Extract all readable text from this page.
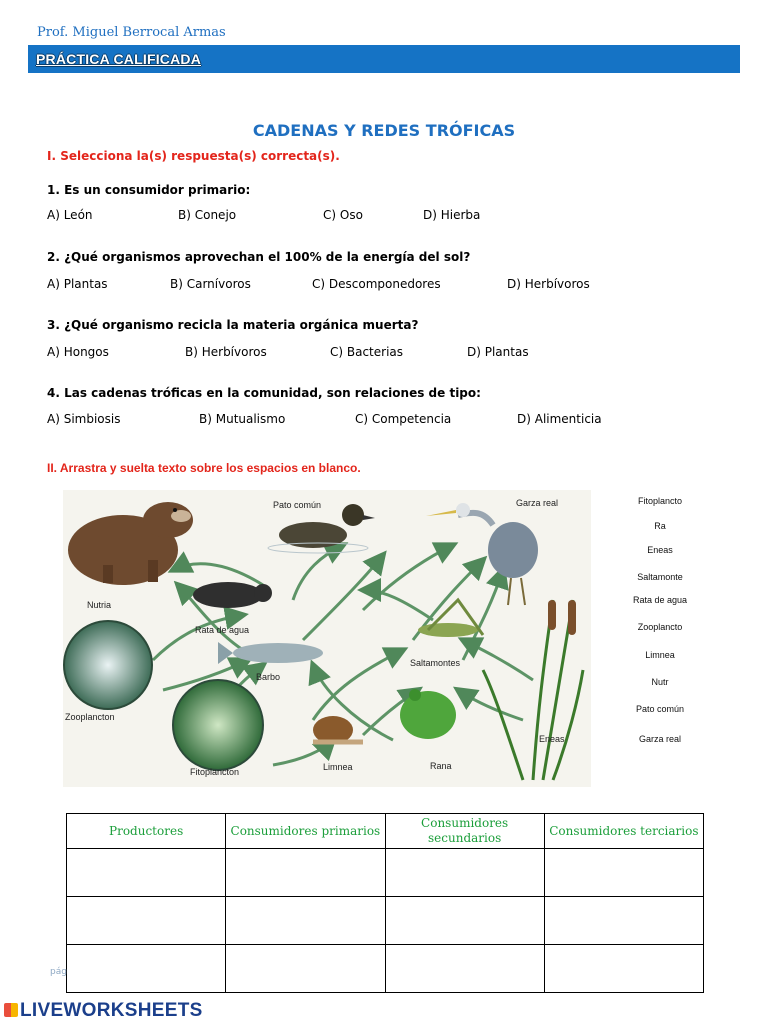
Prof. Miguel Berrocal Armas
PRÁCTICA CALIFICADA
CADENAS Y REDES TRÓFICAS
I. Selecciona la(s) respuesta(s) correcta(s).
1. Es un consumidor primario:
A) León	B) Conejo	C) Oso	D) Hierba
2. ¿Qué organismos aprovechan el 100% de la energía del sol?
A) Plantas	B) Carnívoros	C) Descomponedores	D) Herbívoros
3. ¿Qué organismo recicla la materia orgánica muerta?
A) Hongos	B) Herbívoros	C) Bacterias	D) Plantas
4. Las cadenas tróficas en la comunidad, son relaciones de tipo:
A) Simbiosis	B) Mutualismo	C) Competencia	D) Alimenticia
II. Arrastra y suelta texto sobre los espacios en blanco.
Pato común	Garza real
Nutria
Rata de agua
Saltamontes
Barbo
Zooplancton
Fitoplancton	Limnea	Rana
Eneas
Fitoplancto
Ra
Eneas
Saltamonte
Rata de agua
Zooplancto
Limnea
Nutr
Pato común
Garza real
Productores	Consumidores primarios	Consumidores secundarios	Consumidores terciarios

pág
LIVEWORKSHEETS
